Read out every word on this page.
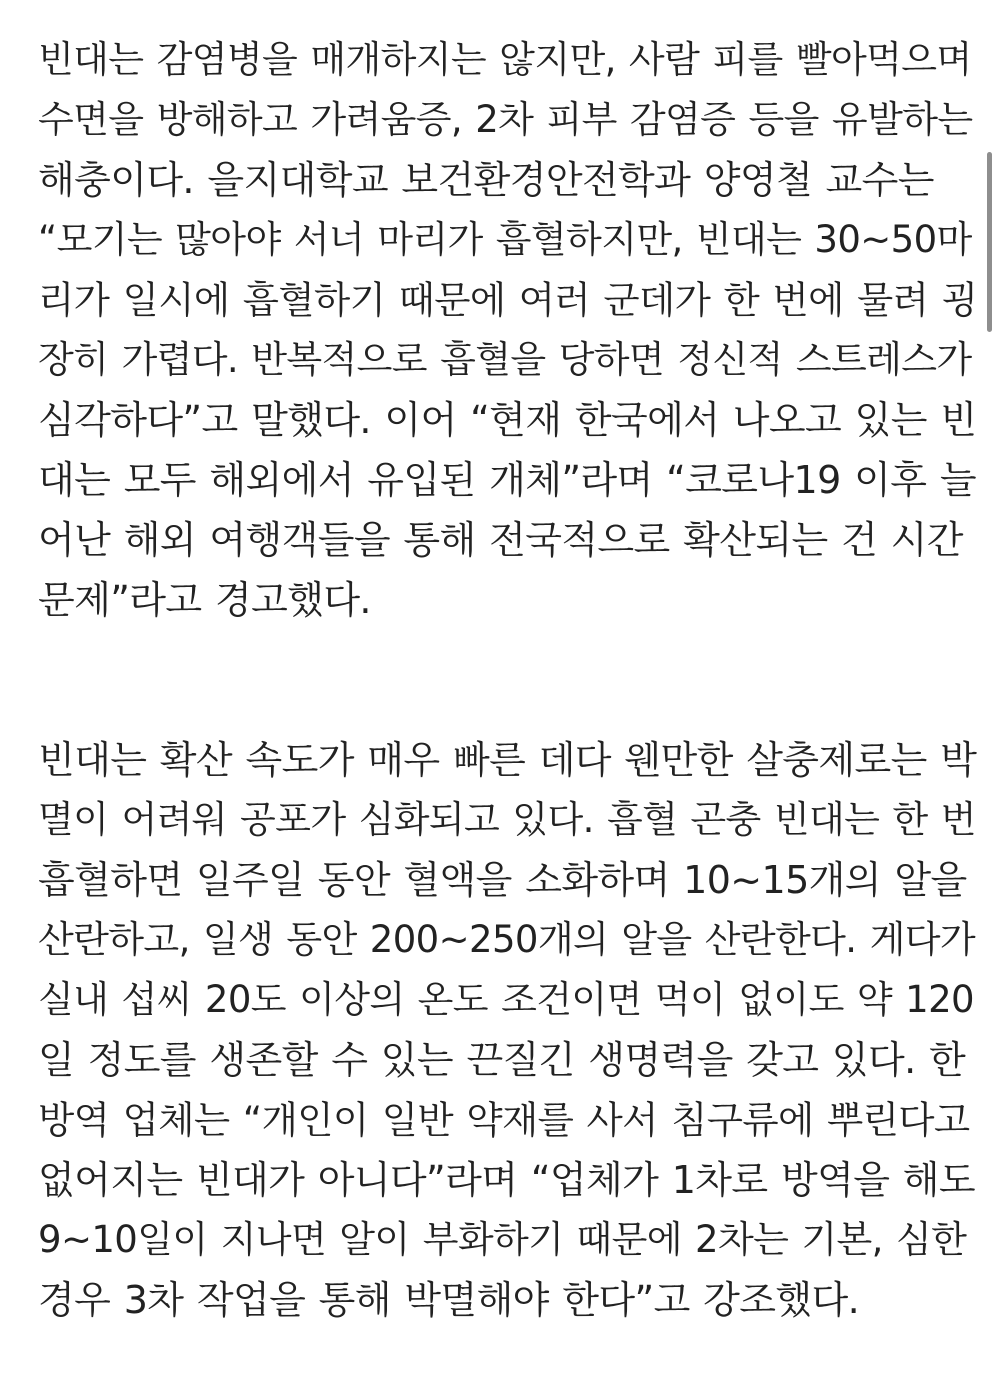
빈대는 감염병을 매개하지는 않지만, 사람 피를 빨아먹으며
수면을 방해하고 가려움증, 2차 피부 감염증 등을 유발하는
해충이다. 을지대학교 보건환경안전학과 양영철 교수는
“모기는 많아야 서너 마리가 흡혈하지만, 빈대는 30~50마
리가 일시에 흡혈하기 때문에 여러 군데가 한 번에 물려 굉
장히 가렵다. 반복적으로 흡혈을 당하면 정신적 스트레스가
심각하다”고 말했다. 이어 “현재 한국에서 나오고 있는 빈
대는 모두 해외에서 유입된 개체”라며 “코로나19 이후 늘
어난 해외 여행객들을 통해 전국적으로 확산되는 건 시간
문제”라고 경고했다.

빈대는 확산 속도가 매우 빠른 데다 웬만한 살충제로는 박
멸이 어려워 공포가 심화되고 있다. 흡혈 곤충 빈대는 한 번
흡혈하면 일주일 동안 혈액을 소화하며 10~15개의 알을
산란하고, 일생 동안 200~250개의 알을 산란한다. 게다가
실내 섭씨 20도 이상의 온도 조건이면 먹이 없이도 약 120
일 정도를 생존할 수 있는 끈질긴 생명력을 갖고 있다. 한
방역 업체는 “개인이 일반 약재를 사서 침구류에 뿌린다고
없어지는 빈대가 아니다”라며 “업체가 1차로 방역을 해도
9~10일이 지나면 알이 부화하기 때문에 2차는 기본, 심한
경우 3차 작업을 통해 박멸해야 한다”고 강조했다.
